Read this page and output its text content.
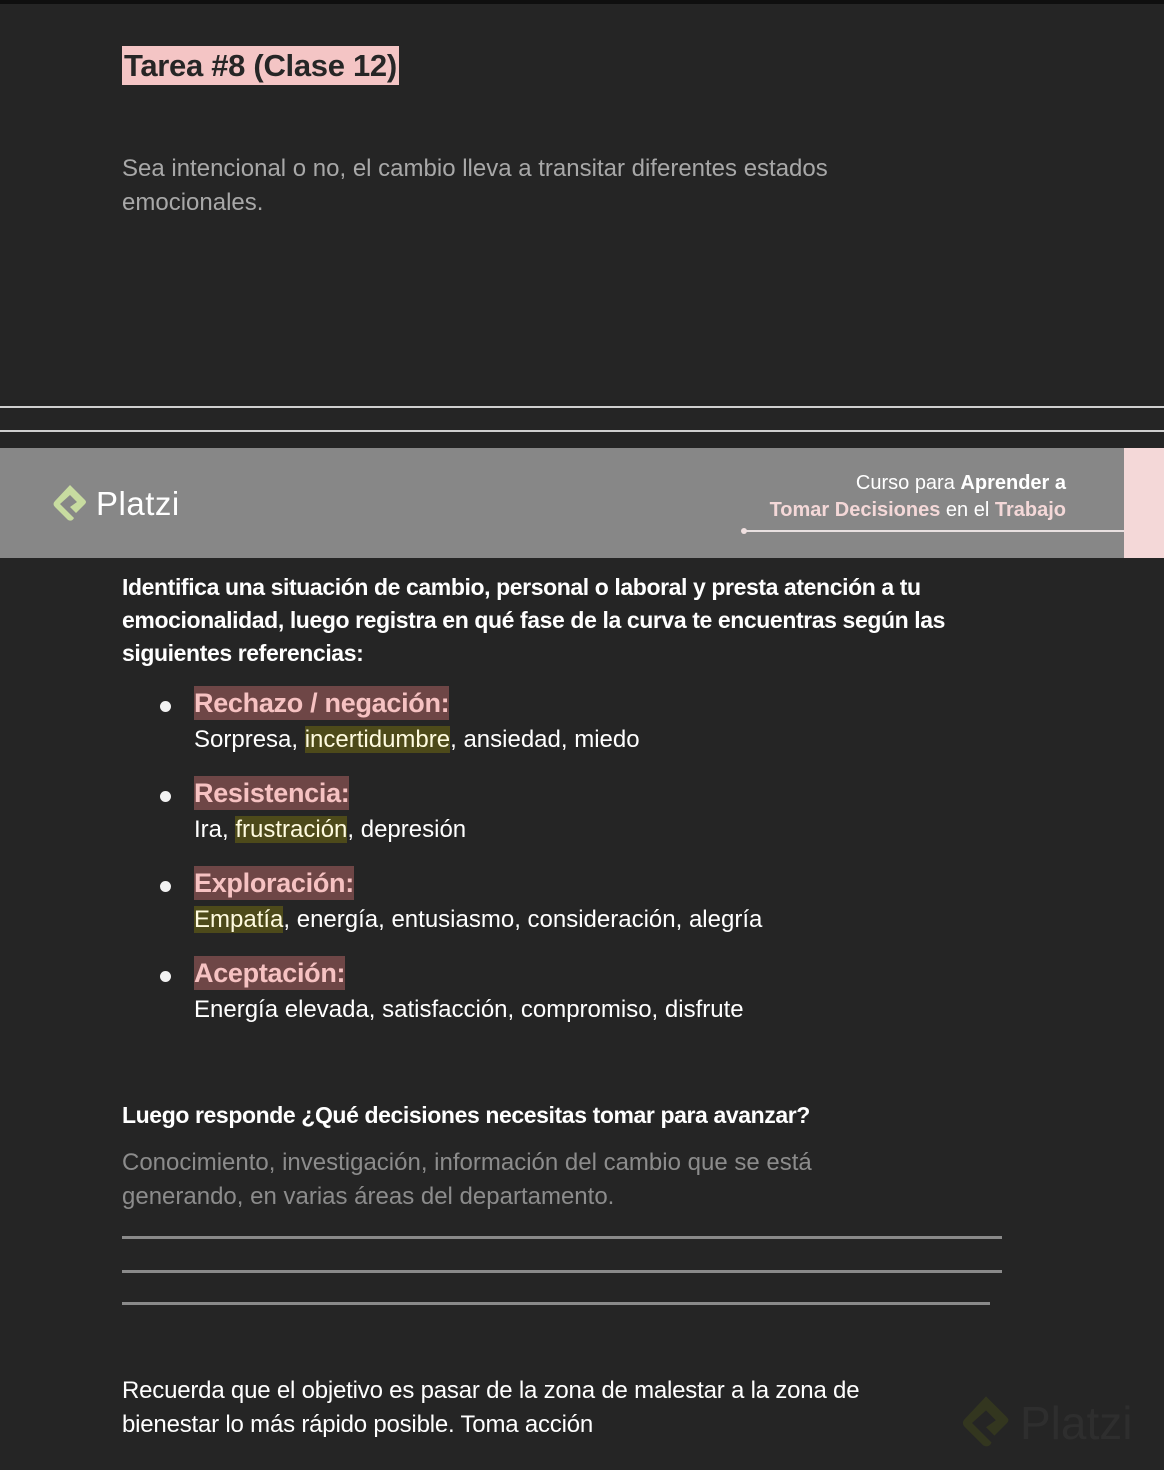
Tarea #8 (Clase 12)
Sea intencional o no, el cambio lleva a transitar diferentes estados emocionales.
Platzi
Curso para Aprender a
Tomar Decisiones en el Trabajo
Identifica una situación de cambio, personal o laboral y presta atención a tu emocionalidad, luego registra en qué fase de la curva te encuentras según las siguientes referencias:
Rechazo / negación:
Sorpresa, incertidumbre, ansiedad, miedo
Resistencia:
Ira, frustración, depresión
Exploración:
Empatía, energía, entusiasmo, consideración, alegría
Aceptación:
Energía elevada, satisfacción, compromiso, disfrute
Luego responde ¿Qué decisiones necesitas tomar para avanzar?
Conocimiento, investigación, información del cambio que se está generando, en varias áreas del departamento.
Recuerda que el objetivo es pasar de la zona de malestar a la zona de bienestar lo más rápido posible. Toma acción	Platzi
